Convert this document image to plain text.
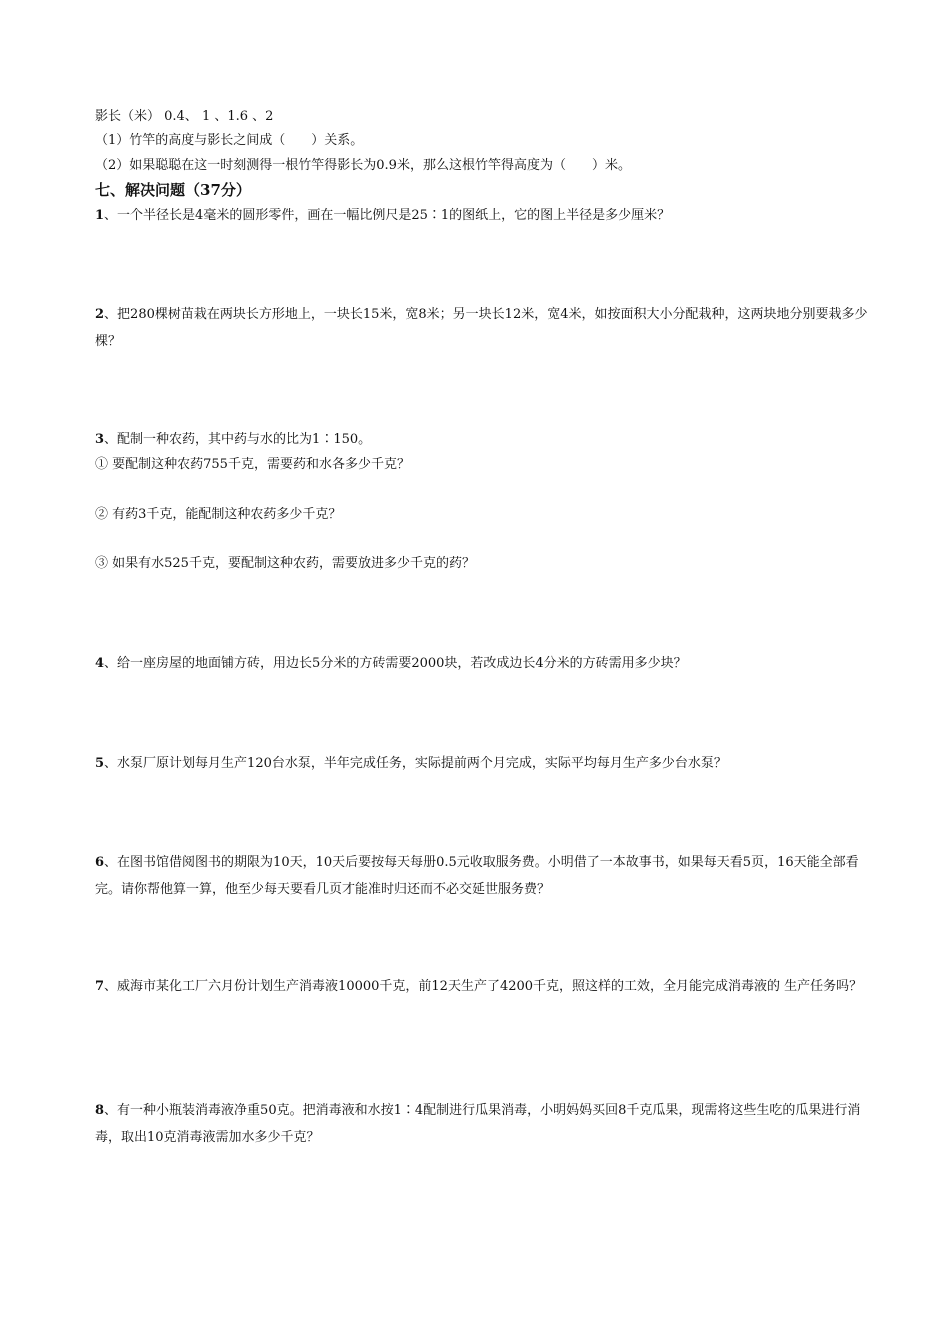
影长（米） 0.4、 1 、1.6 、2
（1）竹竿的高度与影长之间成（　　）关系。
（2）如果聪聪在这一时刻测得一根竹竿得影长为0.9米，那么这根竹竿得高度为（　　）米。
七、解决问题（37分）
1、一个半径长是4毫米的圆形零件，画在一幅比例尺是25∶1的图纸上，它的图上半径是多少厘米？
2、把280棵树苗栽在两块长方形地上，一块长15米，宽8米；另一块长12米，宽4米，如按面积大小分配栽种，这两块地分别要栽多少棵？
3、配制一种农药，其中药与水的比为1∶150。
① 要配制这种农药755千克，需要药和水各多少千克？
② 有药3千克，能配制这种农药多少千克？
③ 如果有水525千克，要配制这种农药，需要放进多少千克的药？
4、给一座房屋的地面铺方砖，用边长5分米的方砖需要2000块，若改成边长4分米的方砖需用多少块？
5、水泵厂原计划每月生产120台水泵，半年完成任务，实际提前两个月完成，实际平均每月生产多少台水泵？
6、在图书馆借阅图书的期限为10天，10天后要按每天每册0.5元收取服务费。小明借了一本故事书，如果每天看5页，16天能全部看完。请你帮他算一算，他至少每天要看几页才能准时归还而不必交延世服务费？
7、威海市某化工厂六月份计划生产消毒液10000千克，前12天生产了4200千克，照这样的工效，全月能完成消毒液的 生产任务吗？
8、有一种小瓶装消毒液净重50克。把消毒液和水按1∶4配制进行瓜果消毒，小明妈妈买回8千克瓜果，现需将这些生吃的瓜果进行消毒，取出10克消毒液需加水多少千克？
